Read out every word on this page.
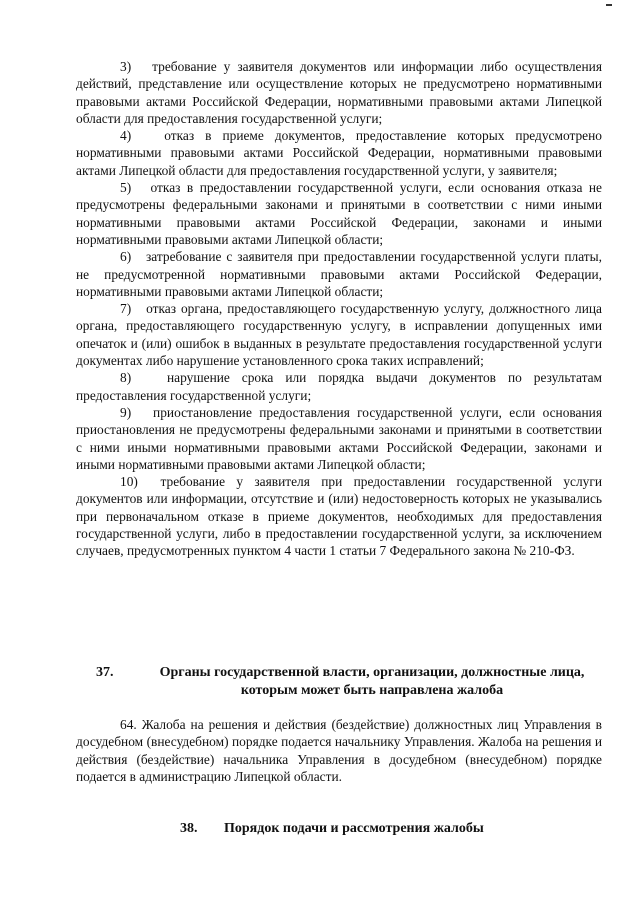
3)   требование у заявителя документов или информации либо осуществления действий, представление или осуществление которых не предусмотрено нормативными правовыми актами Российской Федерации, нормативными правовыми актами Липецкой области для предоставления государственной услуги;

4)   отказ в приеме документов, предоставление которых предусмотрено нормативными правовыми актами Российской Федерации, нормативными правовыми актами Липецкой области для предоставления государственной услуги, у заявителя;

5)   отказ в предоставлении государственной услуги, если основания отказа не предусмотрены федеральными законами и принятыми в соответствии с ними иными нормативными правовыми актами Российской Федерации, законами и иными нормативными правовыми актами Липецкой области;

6)   затребование с заявителя при предоставлении государственной услуги платы, не предусмотренной нормативными правовыми актами Российской Федерации, нормативными правовыми актами Липецкой области;

7)   отказ органа, предоставляющего государственную услугу, должностного лица органа, предоставляющего государственную услугу, в исправлении допущенных ими опечаток и (или) ошибок в выданных в результате предоставления государственной услуги документах либо нарушение установленного срока таких исправлений;

8)   нарушение срока или порядка выдачи документов по результатам предоставления государственной услуги;

9)   приостановление предоставления государственной услуги, если основания приостановления не предусмотрены федеральными законами и принятыми в соответствии с ними иными нормативными правовыми актами Российской Федерации, законами и иными нормативными правовыми актами Липецкой области;

10)  требование у заявителя при предоставлении государственной услуги документов или информации, отсутствие и (или) недостоверность которых не указывались при первоначальном отказе в приеме документов, необходимых для предоставления государственной услуги, либо в предоставлении государственной услуги, за исключением случаев, предусмотренных пунктом 4 части 1 статьи 7 Федерального закона № 210-ФЗ.

37.	Органы государственной власти, организации, должностные лица,
которым может быть направлена жалоба

64. Жалоба на решения и действия (бездействие) должностных лиц Управления в досудебном (внесудебном) порядке подается начальнику Управления. Жалоба на решения и действия (бездействие) начальника Управления в досудебном (внесудебном) порядке подается в администрацию Липецкой области.

38. Порядок подачи и рассмотрения жалобы
